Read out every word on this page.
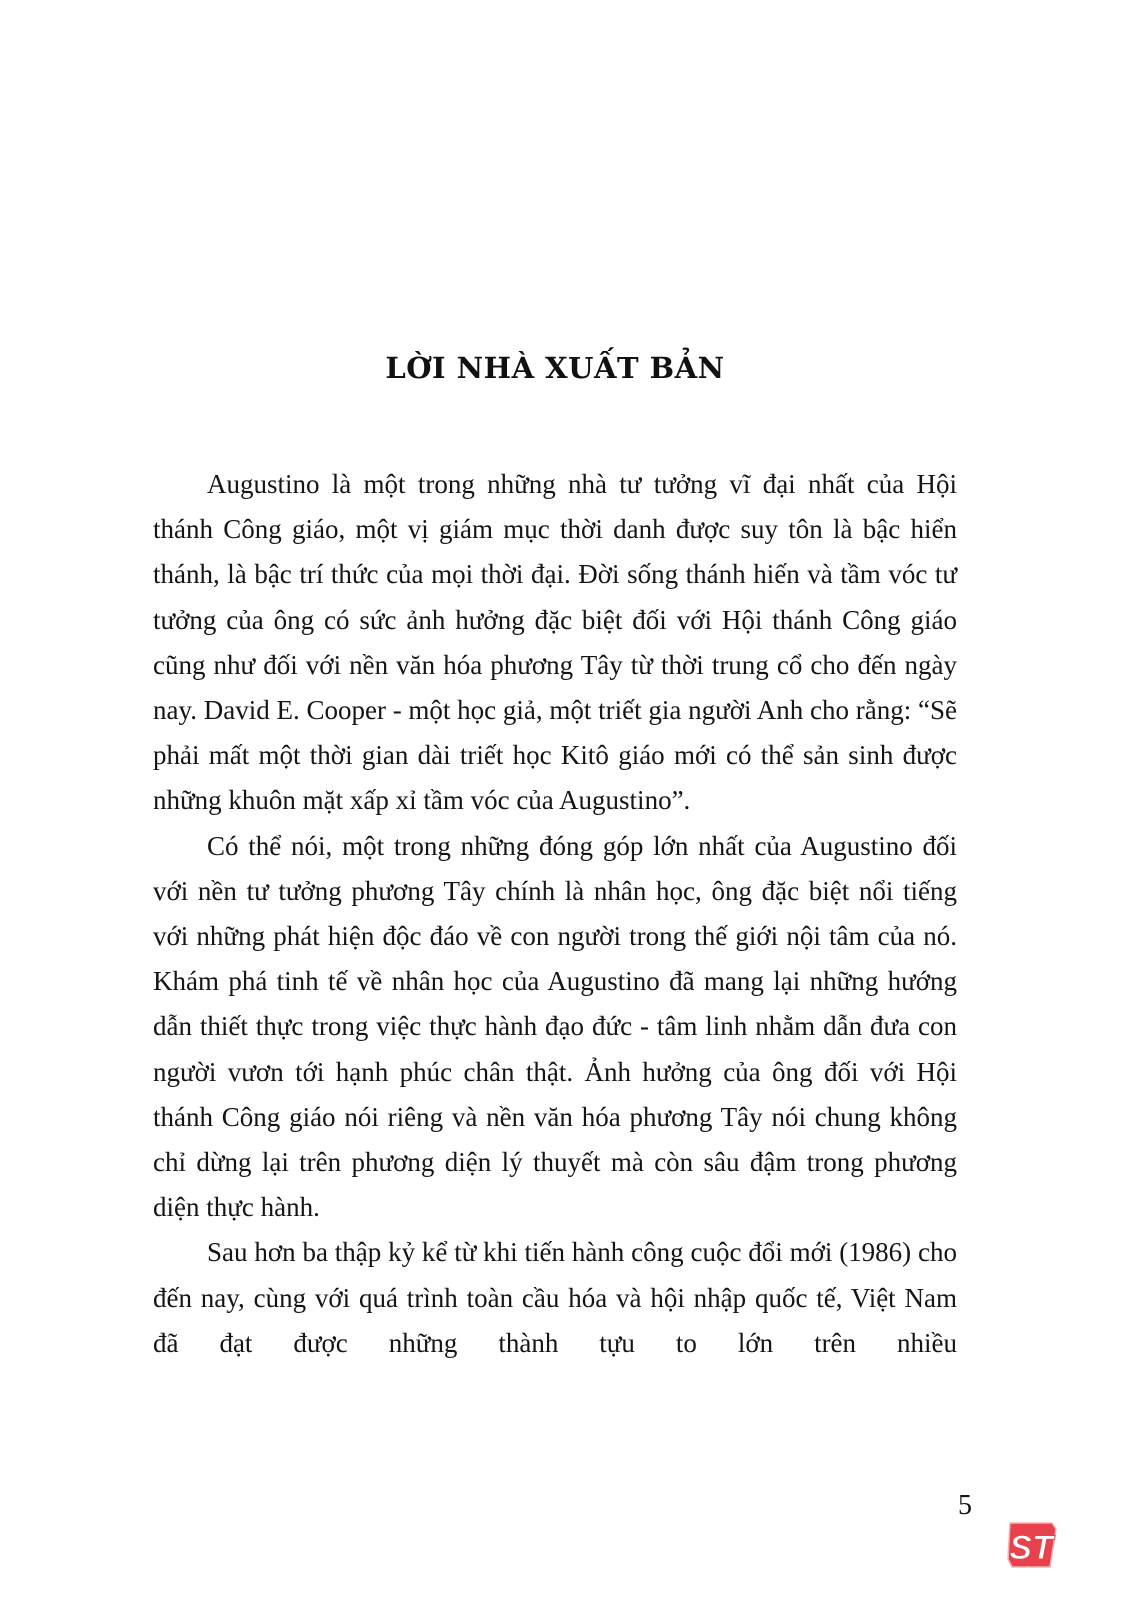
LỜI NHÀ XUẤT BẢN

Augustino là một trong những nhà tư tưởng vĩ đại nhất của Hội thánh Công giáo, một vị giám mục thời danh được suy tôn là bậc hiển thánh, là bậc trí thức của mọi thời đại. Đời sống thánh hiến và tầm vóc tư tưởng của ông có sức ảnh hưởng đặc biệt đối với Hội thánh Công giáo cũng như đối với nền văn hóa phương Tây từ thời trung cổ cho đến ngày nay. David E. Cooper - một học giả, một triết gia người Anh cho rằng: “Sẽ phải mất một thời gian dài triết học Kitô giáo mới có thể sản sinh được những khuôn mặt xấp xỉ tầm vóc của Augustino”.

Có thể nói, một trong những đóng góp lớn nhất của Augustino đối với nền tư tưởng phương Tây chính là nhân học, ông đặc biệt nổi tiếng với những phát hiện độc đáo về con người trong thế giới nội tâm của nó. Khám phá tinh tế về nhân học của Augustino đã mang lại những hướng dẫn thiết thực trong việc thực hành đạo đức - tâm linh nhằm dẫn đưa con người vươn tới hạnh phúc chân thật. Ảnh hưởng của ông đối với Hội thánh Công giáo nói riêng và nền văn hóa phương Tây nói chung không chỉ dừng lại trên phương diện lý thuyết mà còn sâu đậm trong phương diện thực hành.

Sau hơn ba thập kỷ kể từ khi tiến hành công cuộc đổi mới (1986) cho đến nay, cùng với quá trình toàn cầu hóa và hội nhập quốc tế, Việt Nam đã đạt được những thành tựu to lớn trên nhiều

5
ST
